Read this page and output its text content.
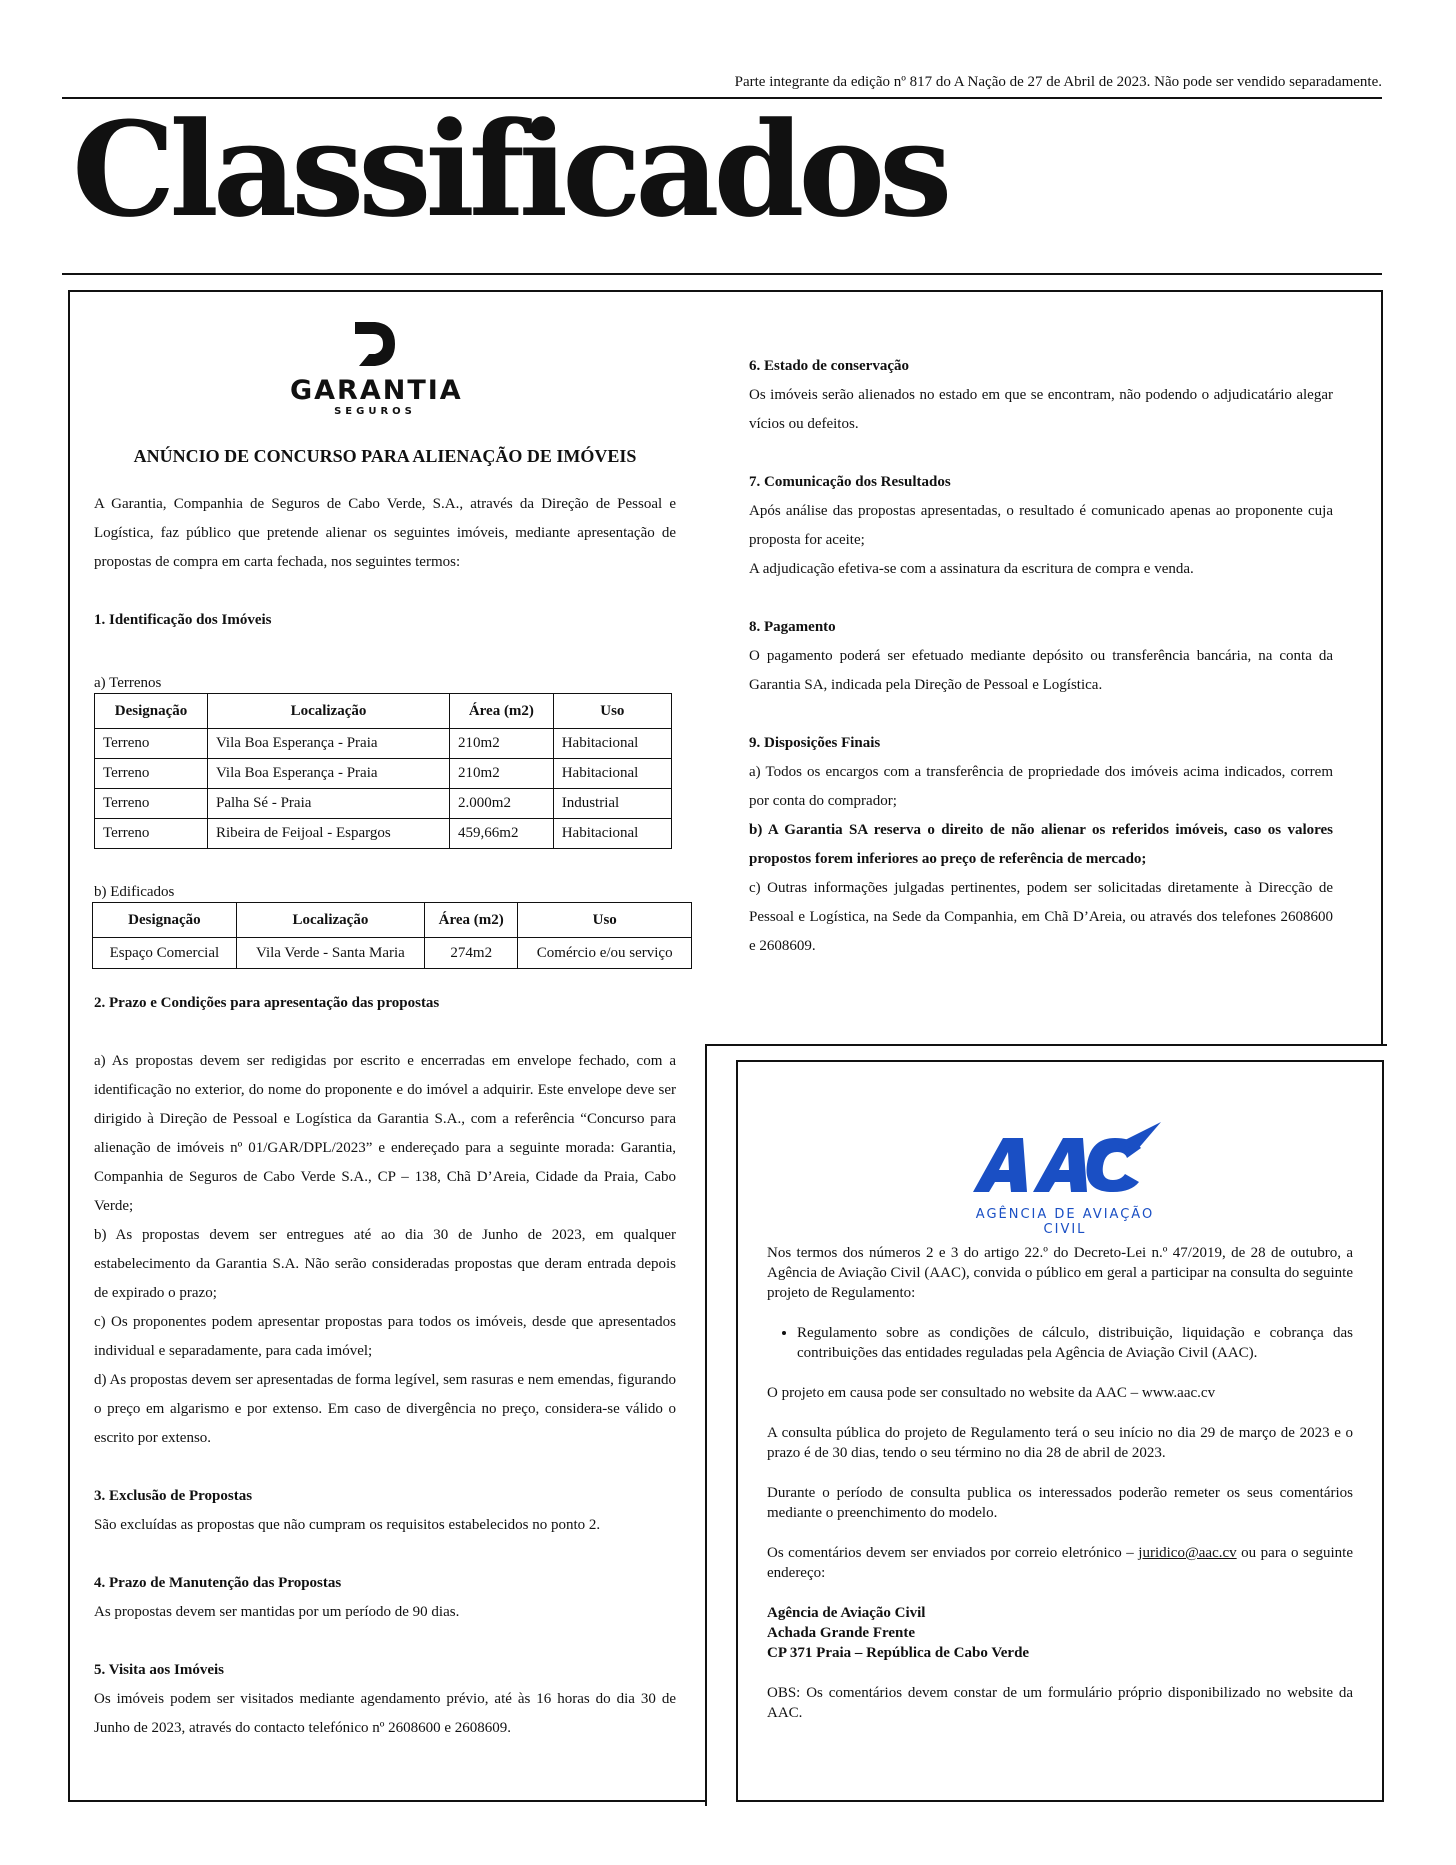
Parte integrante da edição nº 817 do A Nação de 27 de Abril de 2023. Não pode ser vendido separadamente.
Classificados
GARANTIA
SEGUROS
ANÚNCIO DE CONCURSO PARA ALIENAÇÃO DE IMÓVEIS

A Garantia, Companhia de Seguros de Cabo Verde, S.A., através da Direção de Pessoal e Logística, faz público que pretende alienar os seguintes imóveis, mediante apresentação de propostas de compra em carta fechada, nos seguintes termos:

1. Identificação dos Imóveis

a) Terrenos

Designação	Localização	Área (m2)	Uso
Terreno	Vila Boa Esperança - Praia	210m2	Habitacional
Terreno	Vila Boa Esperança - Praia	210m2	Habitacional
Terreno	Palha Sé - Praia	2.000m2	Industrial
Terreno	Ribeira de Feijoal - Espargos	459,66m2	Habitacional

b) Edificados

Designação	Localização	Área (m2)	Uso
Espaço Comercial	Vila Verde - Santa Maria	274m2	Comércio e/ou serviço
2. Prazo e Condições para apresentação das propostas

a) As propostas devem ser redigidas por escrito e encerradas em envelope fechado, com a identificação no exterior, do nome do proponente e do imóvel a adquirir. Este envelope deve ser dirigido à Direção de Pessoal e Logística da Garantia S.A., com a referência “Concurso para alienação de imóveis nº 01/GAR/DPL/2023” e endereçado para a seguinte morada: Garantia, Companhia de Seguros de Cabo Verde S.A., CP – 138, Chã D’Areia, Cidade da Praia, Cabo Verde;

b) As propostas devem ser entregues até ao dia 30 de Junho de 2023, em qualquer estabelecimento da Garantia S.A. Não serão consideradas propostas que deram entrada depois de expirado o prazo;

c) Os proponentes podem apresentar propostas para todos os imóveis, desde que apresentados individual e separadamente, para cada imóvel;

d) As propostas devem ser apresentadas de forma legível, sem rasuras e nem emendas, figurando o preço em algarismo e por extenso. Em caso de divergência no preço, considera-se válido o escrito por extenso.

3. Exclusão de Propostas

São excluídas as propostas que não cumpram os requisitos estabelecidos no ponto 2.

4. Prazo de Manutenção das Propostas

As propostas devem ser mantidas por um período de 90 dias.

5. Visita aos Imóveis

Os imóveis podem ser visitados mediante agendamento prévio, até às 16 horas do dia 30 de Junho de 2023, através do contacto telefónico nº 2608600 e 2608609.

6. Estado de conservação

Os imóveis serão alienados no estado em que se encontram, não podendo o adjudicatário alegar vícios ou defeitos.

7. Comunicação dos Resultados

Após análise das propostas apresentadas, o resultado é comunicado apenas ao proponente cuja proposta for aceite;

A adjudicação efetiva-se com a assinatura da escritura de compra e venda.

8. Pagamento

O pagamento poderá ser efetuado mediante depósito ou transferência bancária, na conta da Garantia SA, indicada pela Direção de Pessoal e Logística.

9. Disposições Finais

a) Todos os encargos com a transferência de propriedade dos imóveis acima indicados, correm por conta do comprador;

b) A Garantia SA reserva o direito de não alienar os referidos imóveis, caso os valores propostos forem inferiores ao preço de referência de mercado;

c) Outras informações julgadas pertinentes, podem ser solicitadas diretamente à Direcção de Pessoal e Logística, na Sede da Companhia, em Chã D’Areia, ou através dos telefones 2608600 e 2608609.

AGÊNCIA DE AVIAÇÃO CIVIL

Nos termos dos números 2 e 3 do artigo 22.º do Decreto-Lei n.º 47/2019, de 28 de outubro, a Agência de Aviação Civil (AAC), convida o público em geral a participar na consulta do seguinte projeto de Regulamento:

• Regulamento sobre as condições de cálculo, distribuição, liquidação e cobrança das contribuições das entidades reguladas pela Agência de Aviação Civil (AAC).

O projeto em causa pode ser consultado no website da AAC – www.aac.cv

A consulta pública do projeto de Regulamento terá o seu início no dia 29 de março de 2023 e o prazo é de 30 dias, tendo o seu término no dia 28 de abril de 2023.

Durante o período de consulta publica os interessados poderão remeter os seus comentários mediante o preenchimento do modelo.

Os comentários devem ser enviados por correio eletrónico – juridico@aac.cv ou para o seguinte endereço:

Agência de Aviação Civil
Achada Grande Frente
CP 371 Praia – República de Cabo Verde

OBS: Os comentários devem constar de um formulário próprio disponibilizado no website da AAC.
